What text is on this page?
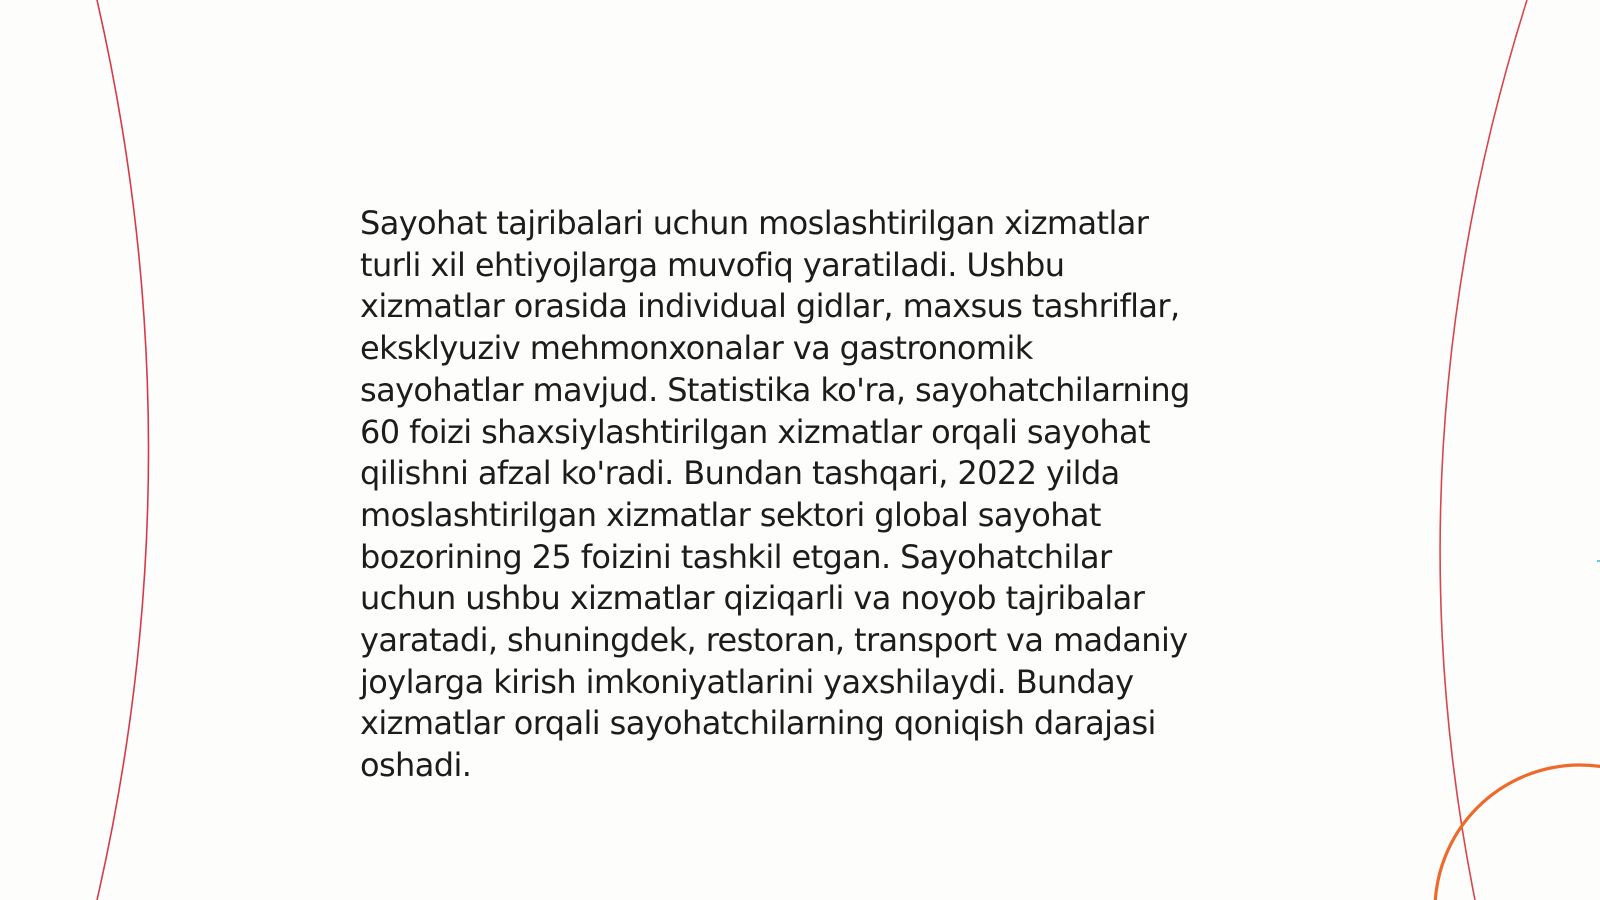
Sayohat tajribalari uchun moslashtirilgan xizmatlar
turli xil ehtiyojlarga muvofiq yaratiladi. Ushbu
xizmatlar orasida individual gidlar, maxsus tashriflar,
eksklyuziv mehmonxonalar va gastronomik
sayohatlar mavjud. Statistika ko'ra, sayohatchilarning
60 foizi shaxsiylashtirilgan xizmatlar orqali sayohat
qilishni afzal ko'radi. Bundan tashqari, 2022 yilda
moslashtirilgan xizmatlar sektori global sayohat
bozorining 25 foizini tashkil etgan. Sayohatchilar
uchun ushbu xizmatlar qiziqarli va noyob tajribalar
yaratadi, shuningdek, restoran, transport va madaniy
joylarga kirish imkoniyatlarini yaxshilaydi. Bunday
xizmatlar orqali sayohatchilarning qoniqish darajasi
oshadi.
